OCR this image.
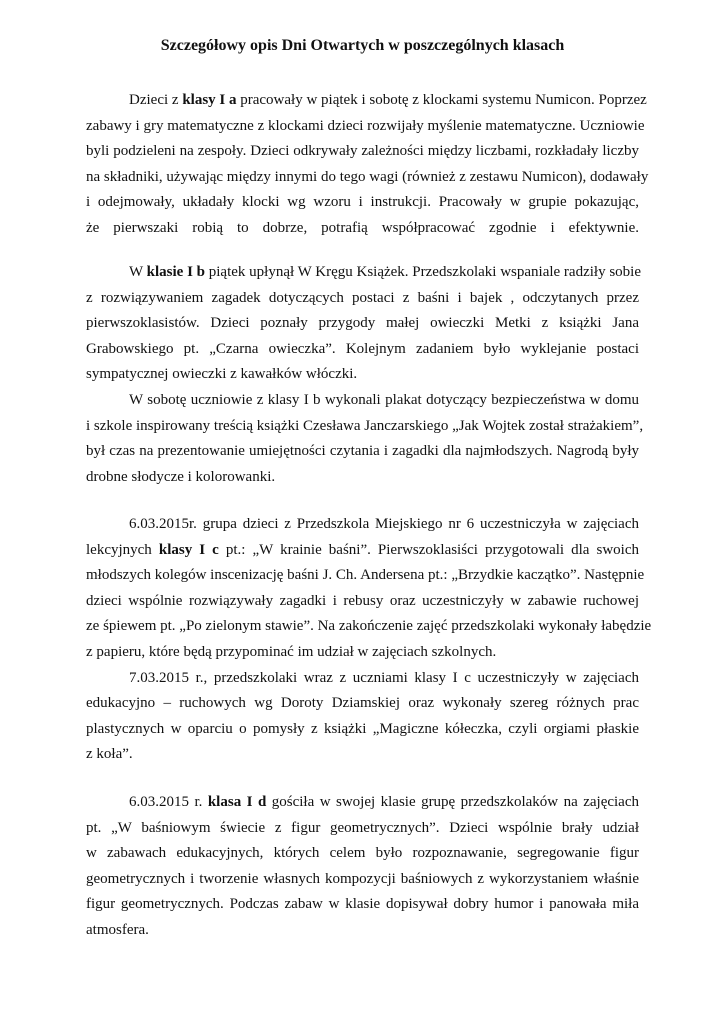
Szczegółowy opis Dni Otwartych w poszczególnych klasach

Dzieci z klasy I a pracowały w piątek i sobotę z klockami systemu Numicon. Poprzez
zabawy i gry matematyczne z klockami dzieci rozwijały myślenie matematyczne. Uczniowie
byli podzieleni na zespoły. Dzieci odkrywały zależności między liczbami, rozkładały liczby
na składniki, używając między innymi do tego wagi (również z zestawu Numicon), dodawały
i odejmowały, układały klocki wg wzoru i instrukcji. Pracowały w grupie pokazując,
że pierwszaki robią to dobrze, potrafią współpracować zgodnie i efektywnie.

W klasie I b piątek upłynął W Kręgu Książek. Przedszkolaki wspaniale radziły sobie
z rozwiązywaniem zagadek dotyczących postaci z baśni i bajek , odczytanych przez
pierwszoklasistów. Dzieci poznały przygody małej owieczki Metki z książki Jana
Grabowskiego pt. „Czarna owieczka”. Kolejnym zadaniem było wyklejanie postaci
sympatycznej owieczki z kawałków włóczki.

W sobotę uczniowie z klasy I b wykonali plakat dotyczący bezpieczeństwa w domu
i szkole inspirowany treścią książki Czesława Janczarskiego „Jak Wojtek został strażakiem”,
był czas na prezentowanie umiejętności czytania i zagadki dla najmłodszych. Nagrodą były
drobne słodycze i kolorowanki.

6.03.2015r. grupa dzieci z Przedszkola Miejskiego nr 6 uczestniczyła w zajęciach
lekcyjnych klasy I c pt.: „W krainie baśni”. Pierwszoklasiści przygotowali dla swoich
młodszych kolegów inscenizację baśni J. Ch. Andersena pt.: „Brzydkie kaczątko”. Następnie
dzieci wspólnie rozwiązywały zagadki i rebusy oraz uczestniczyły w zabawie ruchowej
ze śpiewem pt. „Po zielonym stawie”. Na zakończenie zajęć przedszkolaki wykonały łabędzie
z papieru, które będą przypominać im udział w zajęciach szkolnych.

7.03.2015 r., przedszkolaki wraz z uczniami klasy I c uczestniczyły w zajęciach
edukacyjno – ruchowych wg Doroty Dziamskiej oraz wykonały szereg różnych prac
plastycznych w oparciu o pomysły z książki „Magiczne kółeczka, czyli orgiami płaskie
z koła”.

6.03.2015 r. klasa I d gościła w swojej klasie grupę przedszkolaków na zajęciach
pt. „W baśniowym świecie z figur geometrycznych”. Dzieci wspólnie brały udział
w zabawach edukacyjnych, których celem było rozpoznawanie, segregowanie figur
geometrycznych i tworzenie własnych kompozycji baśniowych z wykorzystaniem właśnie
figur geometrycznych. Podczas zabaw w klasie dopisywał dobry humor i panowała miła
atmosfera.
